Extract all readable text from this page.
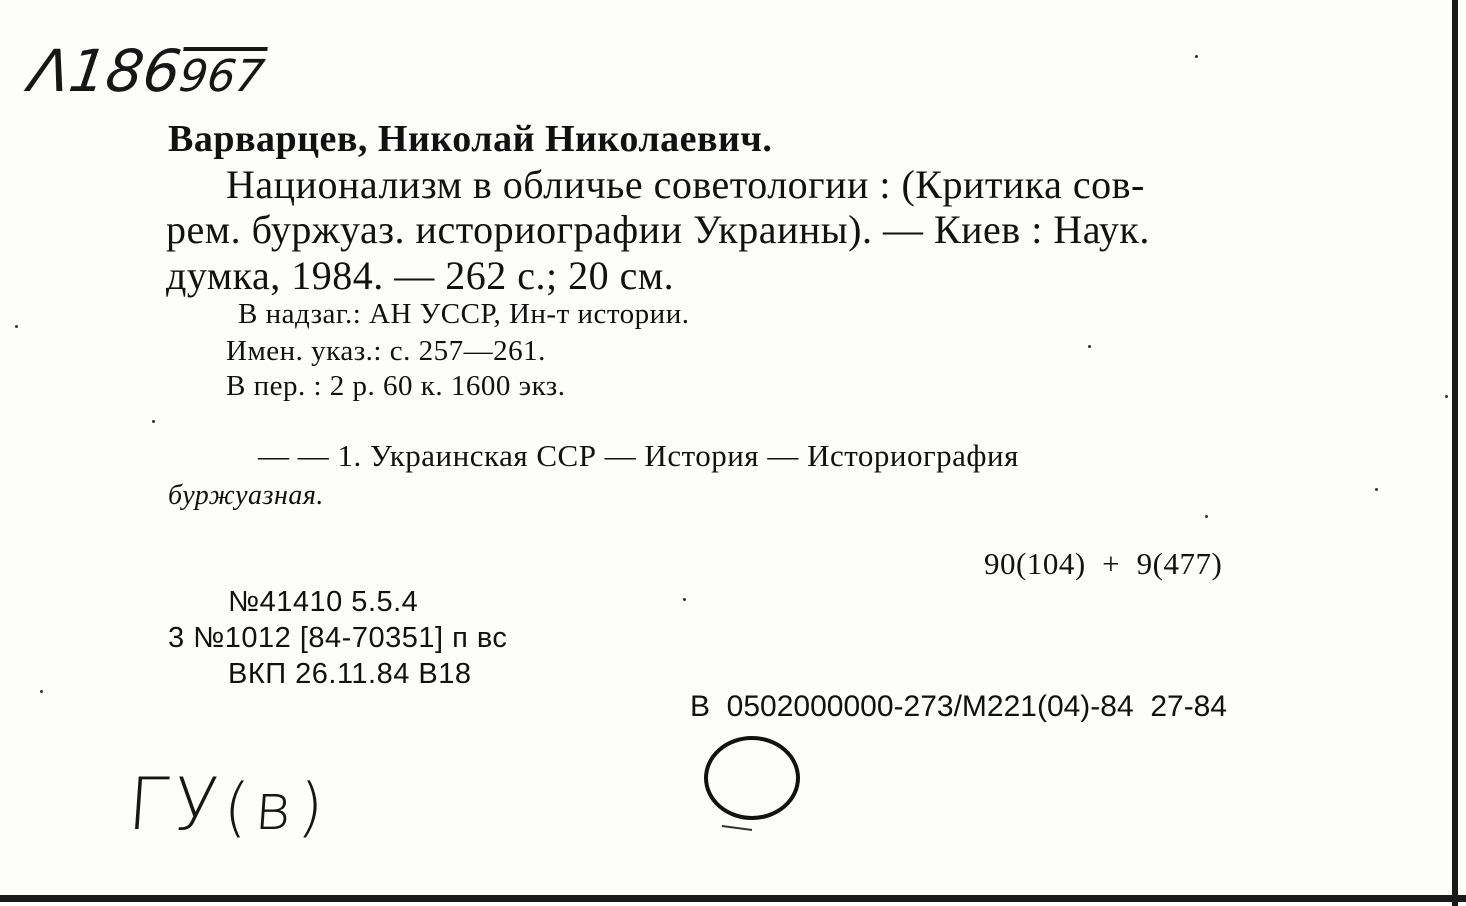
Λ186967
Варварцев, Николай Николаевич.
Национализм в обличье советологии : (Критика сов-
рем. буржуаз. историографии Украины). — Киев : Наук.
думка, 1984. — 262 с.; 20 см.
В надзаг.: АН УССР, Ин-т истории.
Имен. указ.: с. 257—261.
В пер. : 2 р. 60 к. 1600 экз.
— — 1. Украинская ССР — История — Историография
буржуазная.
90(104)  +  9(477)
№41410 5.5.4
3 №1012 [84-70351] п вс
ВКП 26.11.84 В18
В  0502000000-273/М221(04)-84  27-84
ГУ(в)
